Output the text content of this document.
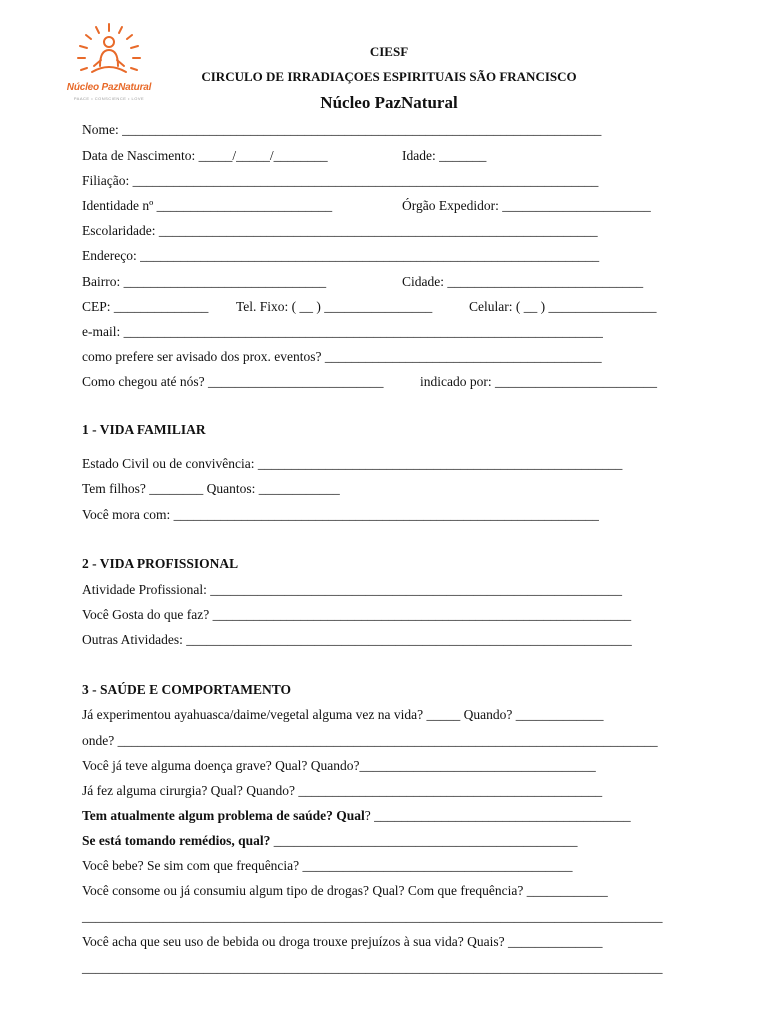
Núcleo PazNatural
PAACE • CONSCIENCE • LOVE
CIESF
CIRCULO DE IRRADIAÇOES ESPIRITUAIS SÃO FRANCISCO
Núcleo PazNatural
Nome: _______________________________________________________________________
Data de Nascimento: _____/_____/________	Idade: _______
Filiação: _____________________________________________________________________
Identidade nº __________________________	Órgão Expedidor: ______________________
Escolaridade: _________________________________________________________________
Endereço: ____________________________________________________________________
Bairro: ______________________________	Cidade: _____________________________
CEP: ______________ Tel. Fixo: ( __ ) ________________	Celular: ( __ ) ________________
e-mail: _______________________________________________________________________
como prefere ser avisado dos prox. eventos? _________________________________________
Como chegou até nós? __________________________	indicado por: ________________________
1 - VIDA FAMILIAR
Estado Civil ou de convivência: ______________________________________________________
Tem filhos? ________ Quantos: ____________
Você mora com: _______________________________________________________________
2 - VIDA PROFISSIONAL
Atividade Profissional: _____________________________________________________________
Você Gosta do que faz? ______________________________________________________________
Outras Atividades: __________________________________________________________________
3 - SAÚDE E COMPORTAMENTO
Já experimentou ayahuasca/daime/vegetal alguma vez na vida? _____ Quando? _____________
onde? ________________________________________________________________________________
Você já teve alguma doença grave? Qual? Quando?___________________________________
Já fez alguma cirurgia? Qual? Quando? _____________________________________________
Tem atualmente algum problema de saúde? Qual? ______________________________________
Se está tomando remédios, qual? _____________________________________________
Você bebe? Se sim com que frequência? ________________________________________
Você consome ou já consumiu algum tipo de drogas? Qual? Com que frequência? ____________
______________________________________________________________________________________
Você acha que seu uso de bebida ou droga trouxe prejuízos à sua vida? Quais? ______________
______________________________________________________________________________________
